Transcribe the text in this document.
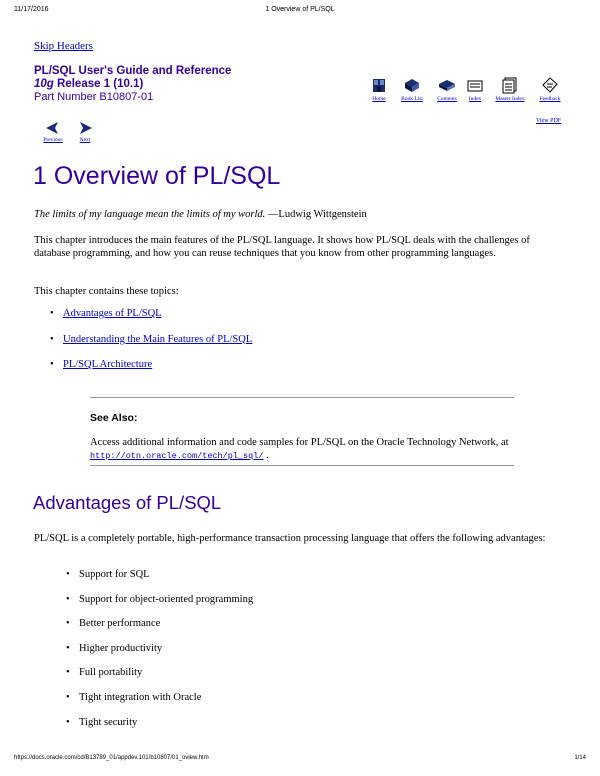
11/17/2016	1 Overview of PL/SQL
Skip Headers
PL/SQL User's Guide and Reference
10g Release 1 (10.1)
Part Number B10807-01	Home	Book List	Contents	Index	Master Index	Feedback
View PDF
Previous	Next
1 Overview of PL/SQL
The limits of my language mean the limits of my world. —Ludwig Wittgenstein
This chapter introduces the main features of the PL/SQL language. It shows how PL/SQL deals with the challenges of database programming, and how you can reuse techniques that you know from other programming languages.
This chapter contains these topics:
• Advantages of PL/SQL
• Understanding the Main Features of PL/SQL
• PL/SQL Architecture
See Also:
Access additional information and code samples for PL/SQL on the Oracle Technology Network, at http://otn.oracle.com/tech/pl_sql/ .
Advantages of PL/SQL
PL/SQL is a completely portable, high-performance transaction processing language that offers the following advantages:
• Support for SQL
• Support for object-oriented programming
• Better performance
• Higher productivity
• Full portability
• Tight integration with Oracle
• Tight security
https://docs.oracle.com/cd/B13789_01/appdev.101/b10807/01_oview.htm	1/14
